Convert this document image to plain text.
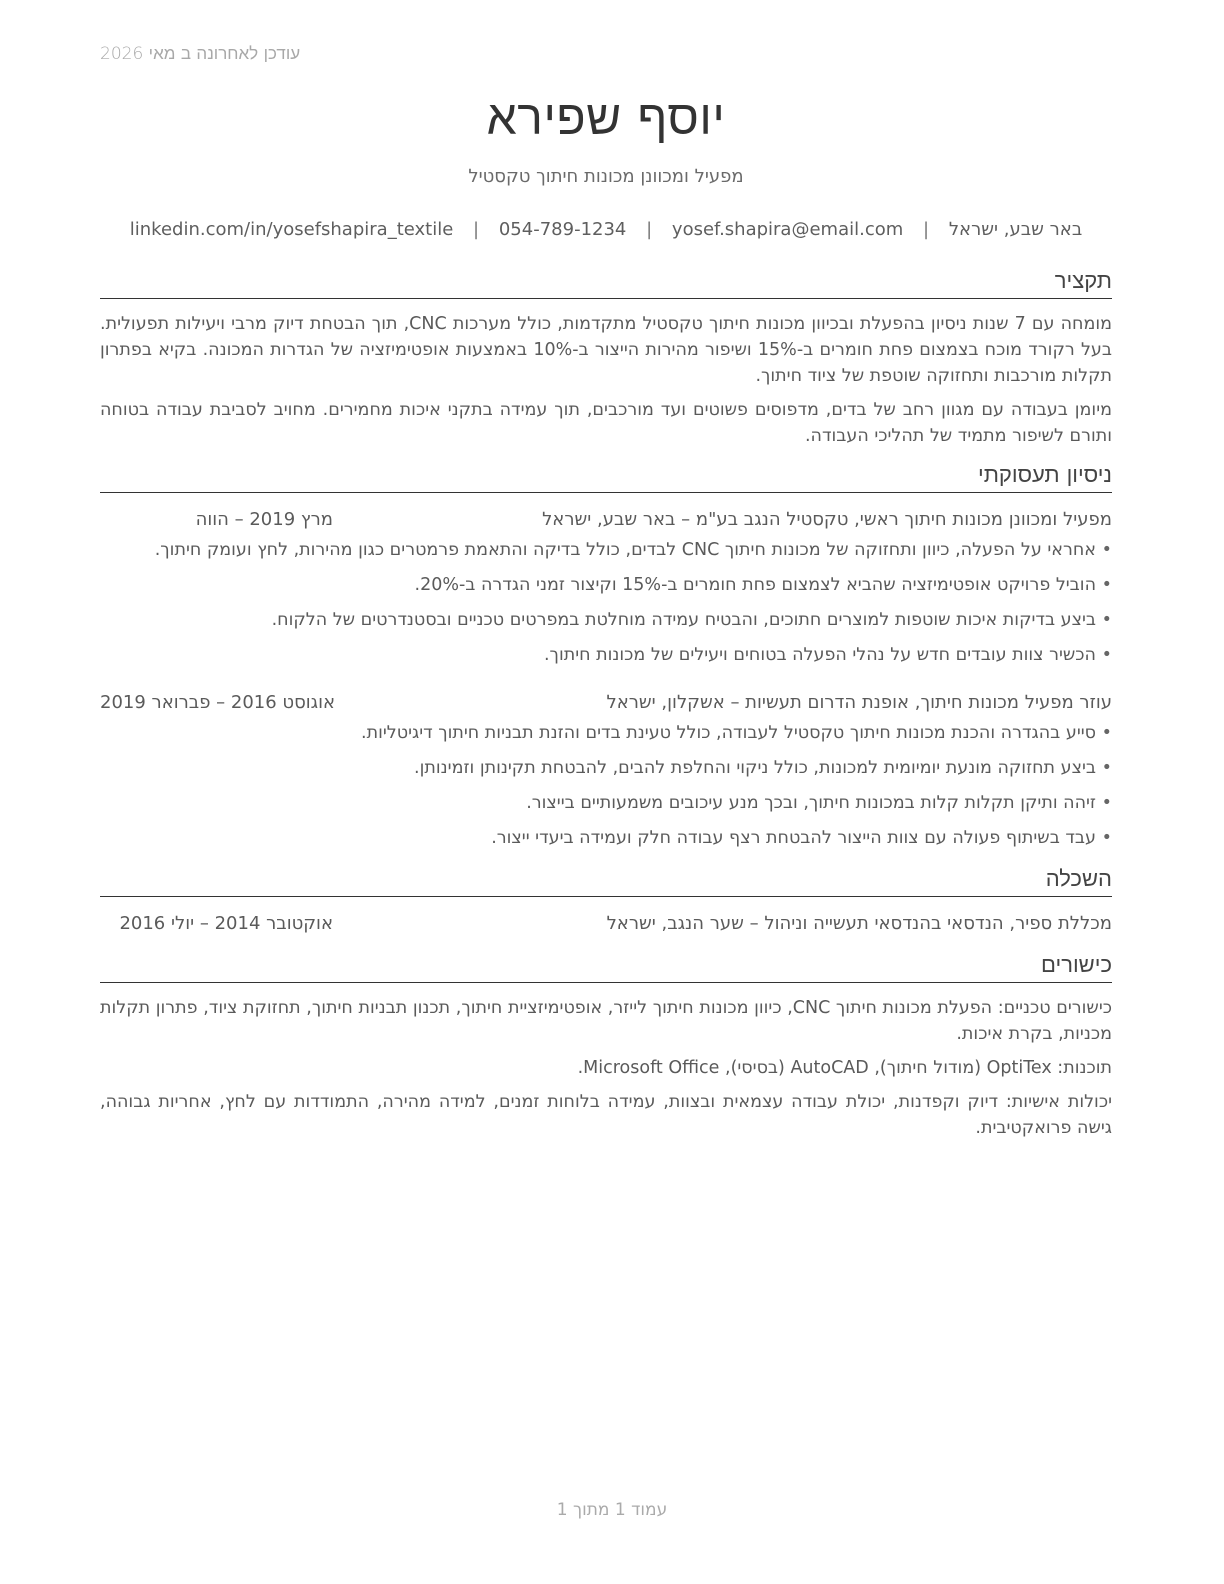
עודכן לאחרונה ב מאי 2026
יוסף שפירא
מפעיל ומכוונן מכונות חיתוך טקסטיל
באר שבע, ישראל | yosef.shapira@email.com | 054-789-1234 | linkedin.com/in/yosefshapira_textile
תקציר

מומחה עם 7 שנות ניסיון בהפעלת ובכיוון מכונות חיתוך טקסטיל מתקדמות, כולל מערכות CNC, תוך הבטחת דיוק מרבי ויעילות תפעולית. בעל רקורד מוכח בצמצום פחת חומרים ב-15% ושיפור מהירות הייצור ב-10% באמצעות אופטימיזציה של הגדרות המכונה. בקיא בפתרון תקלות מורכבות ותחזוקה שוטפת של ציוד חיתוך.

מיומן בעבודה עם מגוון רחב של בדים, מדפוסים פשוטים ועד מורכבים, תוך עמידה בתקני איכות מחמירים. מחויב לסביבת עבודה בטוחה ותורם לשיפור מתמיד של תהליכי העבודה.

ניסיון תעסוקתי
מפעיל ומכוונן מכונות חיתוך ראשי, טקסטיל הנגב בע"מ – באר שבע, ישראל
מרץ 2019 – הווה
• אחראי על הפעלה, כיוון ותחזוקה של מכונות חיתוך CNC לבדים, כולל בדיקה והתאמת פרמטרים כגון מהירות, לחץ ועומק חיתוך.
• הוביל פרויקט אופטימיזציה שהביא לצמצום פחת חומרים ב-15% וקיצור זמני הגדרה ב-20%.
• ביצע בדיקות איכות שוטפות למוצרים חתוכים, והבטיח עמידה מוחלטת במפרטים טכניים ובסטנדרטים של הלקוח.
• הכשיר צוות עובדים חדש על נהלי הפעלה בטוחים ויעילים של מכונות חיתוך.
עוזר מפעיל מכונות חיתוך, אופנת הדרום תעשיות – אשקלון, ישראל
אוגוסט 2016 – פברואר 2019
• סייע בהגדרה והכנת מכונות חיתוך טקסטיל לעבודה, כולל טעינת בדים והזנת תבניות חיתוך דיגיטליות.
• ביצע תחזוקה מונעת יומיומית למכונות, כולל ניקוי והחלפת להבים, להבטחת תקינותן וזמינותן.
• זיהה ותיקן תקלות קלות במכונות חיתוך, ובכך מנע עיכובים משמעותיים בייצור.
• עבד בשיתוף פעולה עם צוות הייצור להבטחת רצף עבודה חלק ועמידה ביעדי ייצור.
השכלה
מכללת ספיר, הנדסאי בהנדסאי תעשייה וניהול – שער הנגב, ישראל
אוקטובר 2014 – יולי 2016
כישורים

כישורים טכניים: הפעלת מכונות חיתוך CNC, כיוון מכונות חיתוך לייזר, אופטימיזציית חיתוך, תכנון תבניות חיתוך, תחזוקת ציוד, פתרון תקלות מכניות, בקרת איכות.

תוכנות: OptiTex (מודול חיתוך), AutoCAD (בסיסי), Microsoft Office.

יכולות אישיות: דיוק וקפדנות, יכולת עבודה עצמאית ובצוות, עמידה בלוחות זמנים, למידה מהירה, התמודדות עם לחץ, אחריות גבוהה, גישה פרואקטיבית.

עמוד 1 מתוך 1
